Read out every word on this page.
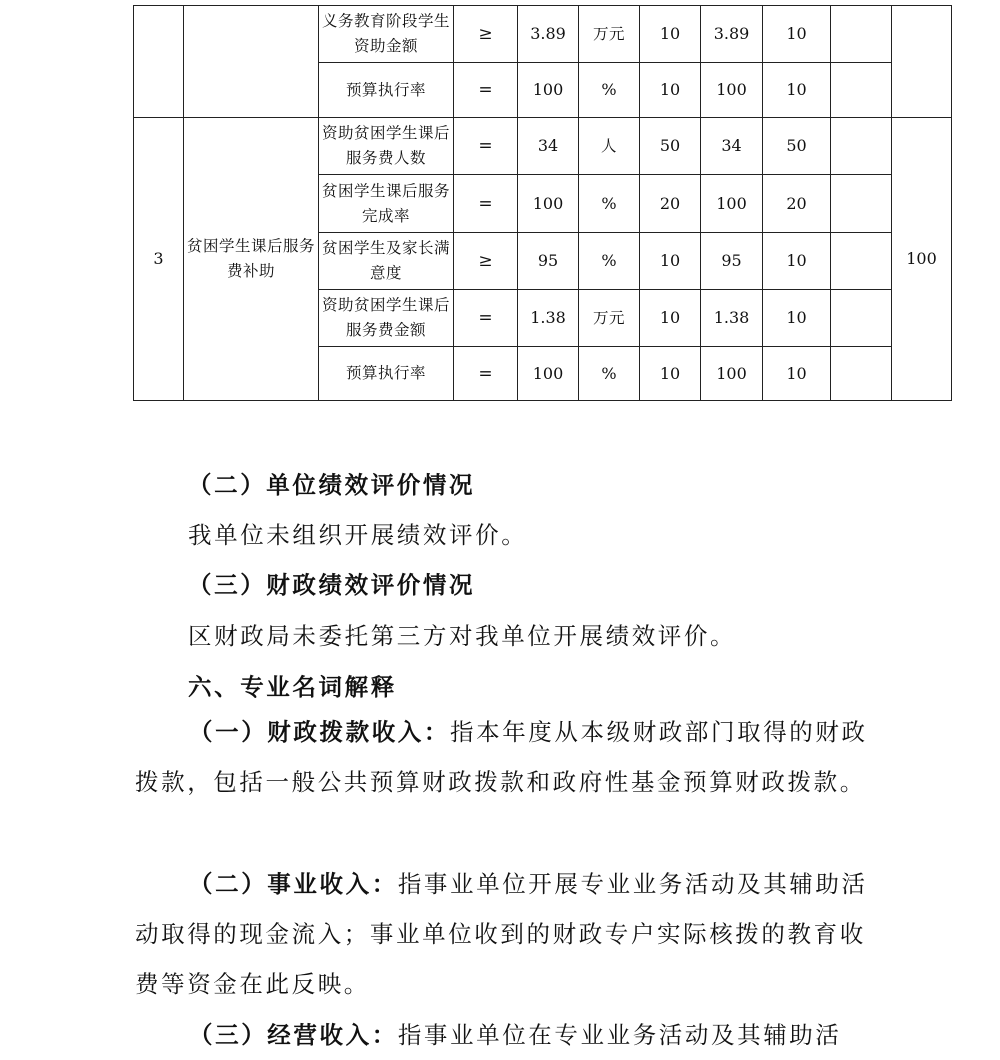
		义务教育阶段学生资助金额	≥	3.89	万元	10	3.89	10		
		预算执行率	=	100	%	10	100	10		
3	贫困学生课后服务费补助	资助贫困学生课后服务费人数	=	34	人	50	34	50		100
		贫困学生课后服务完成率	=	100	%	20	100	20		
		贫困学生及家长满意度	≥	95	%	10	95	10		
		资助贫困学生课后服务费金额	=	1.38	万元	10	1.38	10		
		预算执行率	=	100	%	10	100	10		
（二）单位绩效评价情况
我单位未组织开展绩效评价。
（三）财政绩效评价情况
区财政局未委托第三方对我单位开展绩效评价。
六、专业名词解释

（一）财政拨款收入：指本年度从本级财政部门取得的财政拨款，包括一般公共预算财政拨款和政府性基金预算财政拨款。

（二）事业收入：指事业单位开展专业业务活动及其辅助活动取得的现金流入；事业单位收到的财政专户实际核拨的教育收费等资金在此反映。

（三）经营收入：指事业单位在专业业务活动及其辅助活
